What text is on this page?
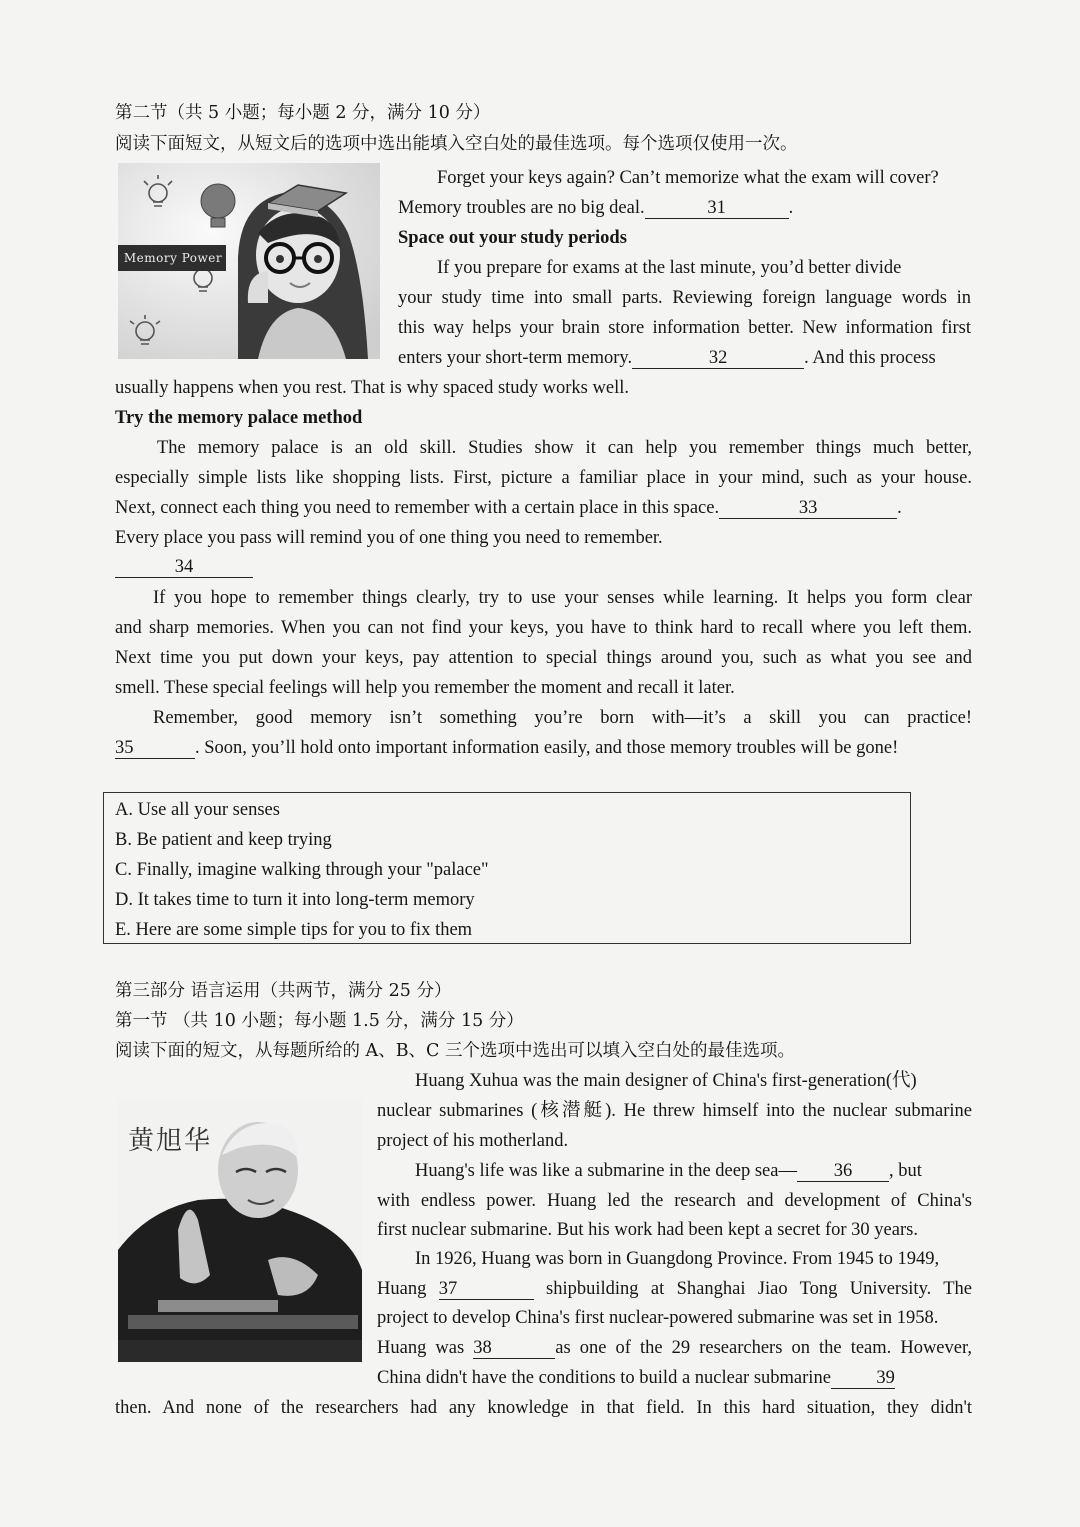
第二节（共 5 小题；每小题 2 分，满分 10 分）
阅读下面短文，从短文后的选项中选出能填入空白处的最佳选项。每个选项仅使用一次。
Memory Power
Forget your keys again? Can’t memorize what the exam will cover?
Memory troubles are no big deal.	31	.
Space out your study periods
If you prepare for exams at the last minute, you’d better divide
your study time into small parts. Reviewing foreign language words in
this way helps your brain store information better. New information first
enters your short-term memory.	32	. And this process
usually happens when you rest. That is why spaced study works well.
Try the memory palace method
The memory palace is an old skill. Studies show it can help you remember things much better,
especially simple lists like shopping lists. First, picture a familiar place in your mind, such as your house.
Next, connect each thing you need to remember with a certain place in this space.	33	.
Every place you pass will remind you of one thing you need to remember.
34
If you hope to remember things clearly, try to use your senses while learning. It helps you form clear
and sharp memories. When you can not find your keys, you have to think hard to recall where you left them.
Next time you put down your keys, pay attention to special things around you, such as what you see and
smell. These special feelings will help you remember the moment and recall it later.
Remember, good memory isn’t something you’re born with—it’s a skill you can practice!
35	. Soon, you’ll hold onto important information easily, and those memory troubles will be gone!
A. Use all your senses
B. Be patient and keep trying
C. Finally, imagine walking through your "palace"
D. It takes time to turn it into long-term memory
E. Here are some simple tips for you to fix them
第三部分 语言运用（共两节，满分 25 分）
第一节 （共 10 小题；每小题 1.5 分，满分 15 分）
阅读下面的短文，从每题所给的 A、B、C 三个选项中选出可以填入空白处的最佳选项。
黄旭华
Huang Xuhua was the main designer of China's first-generation(代)
nuclear submarines (核潜艇). He threw himself into the nuclear submarine
project of his motherland.
Huang's life was like a submarine in the deep sea— 36 , but
with endless power. Huang led the research and development of China's
first nuclear submarine. But his work had been kept a secret for 30 years.
In 1926, Huang was born in Guangdong Province. From 1945 to 1949,
Huang 37	shipbuilding at Shanghai Jiao Tong University. The
project to develop China's first nuclear-powered submarine was set in 1958.
Huang was 38	as one of the 29 researchers on the team. However,
China didn't have the conditions to build a nuclear submarine 39
then. And none of the researchers had any knowledge in that field. In this hard situation, they didn't
